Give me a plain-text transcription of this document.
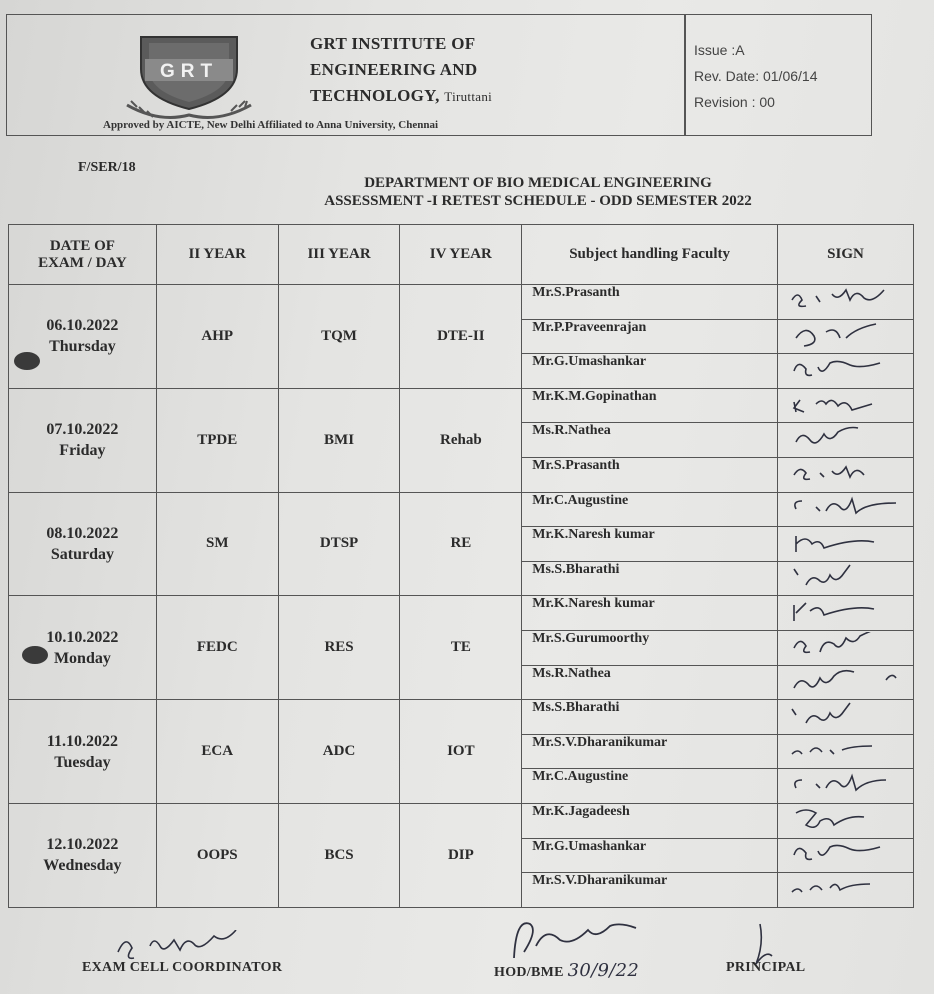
GRT
GRT INSTITUTE OF
ENGINEERING AND
TECHNOLOGY, Tiruttani
Approved by AICTE, New Delhi Affiliated to Anna University, Chennai
Issue :A
Rev. Date: 01/06/14
Revision : 00
F/SER/18
DEPARTMENT OF BIO MEDICAL ENGINEERING
ASSESSMENT -I RETEST SCHEDULE - ODD SEMESTER 2022
DATE OF
EXAM / DAY	II YEAR	III YEAR	IV YEAR	Subject handling Faculty	SIGN

06.10.2022
Thursday	AHP	TQM	DTE-II	Mr.S.Prasanth	
				Mr.P.Praveenrajan	
				Mr.G.Umashankar	

07.10.2022
Friday	TPDE	BMI	Rehab	Mr.K.M.Gopinathan	
				Ms.R.Nathea	
				Mr.S.Prasanth	

08.10.2022
Saturday	SM	DTSP	RE	Mr.C.Augustine	
				Mr.K.Naresh kumar	
				Ms.S.Bharathi	

10.10.2022
Monday	FEDC	RES	TE	Mr.K.Naresh kumar	
				Mr.S.Gurumoorthy	
				Ms.R.Nathea	

11.10.2022
Tuesday	ECA	ADC	IOT	Ms.S.Bharathi	
				Mr.S.V.Dharanikumar	
				Mr.C.Augustine	

12.10.2022
Wednesday	OOPS	BCS	DIP	Mr.K.Jagadeesh	
				Mr.G.Umashankar	
				Mr.S.V.Dharanikumar	
EXAM CELL COORDINATOR	HOD/BME 30/9/22	PRINCIPAL
